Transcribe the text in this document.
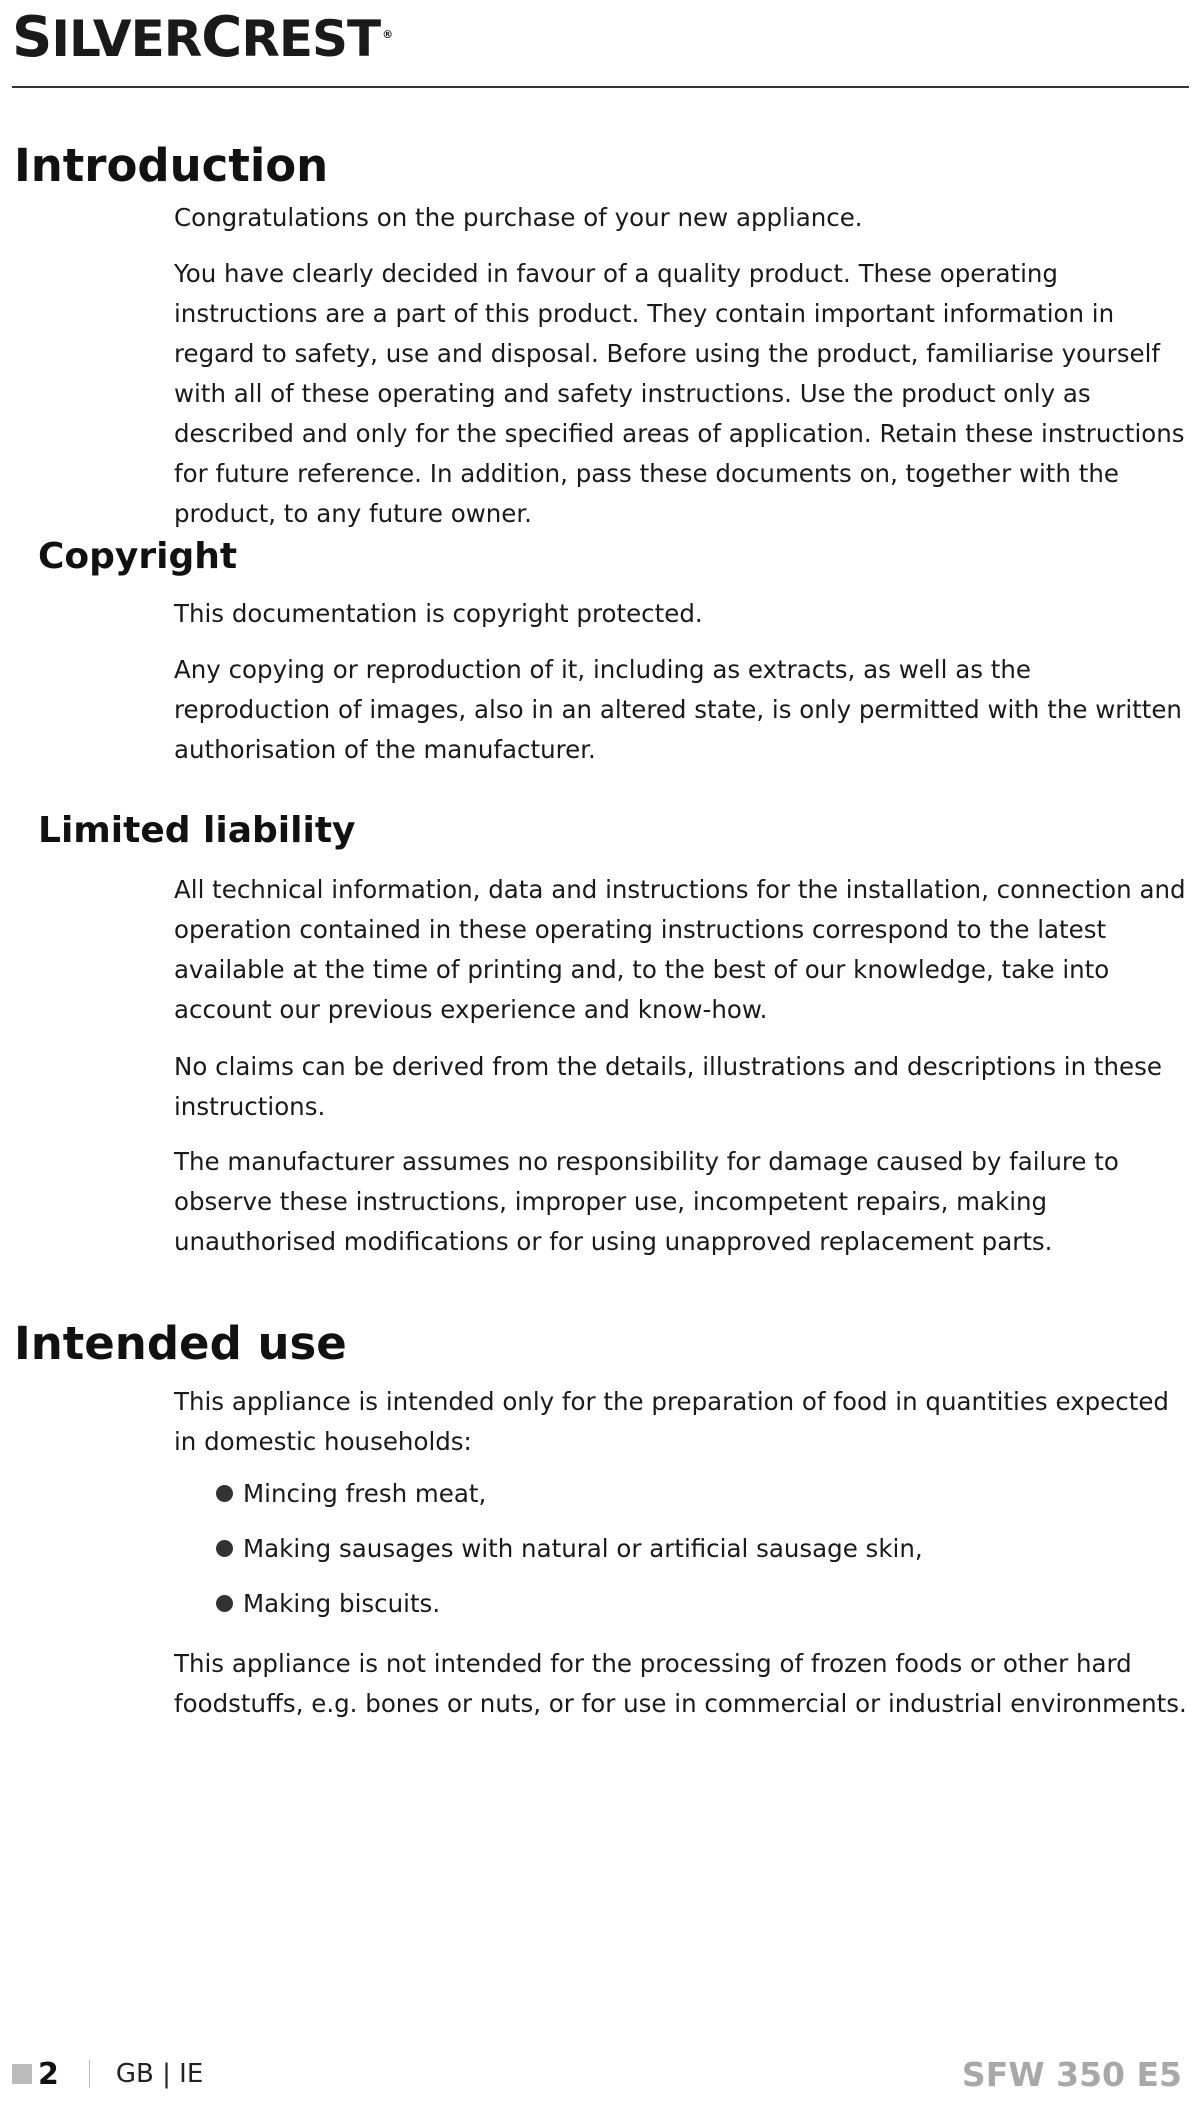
SILVERCREST ®
Introduction

Congratulations on the purchase of your new appliance.

You have clearly decided in favour of a quality product. These operating instructions are a part of this product. They contain important information in regard to safety, use and disposal. Before using the product, familiarise yourself with all of these operating and safety instructions. Use the product only as described and only for the specified areas of application. Retain these instructions for future reference. In addition, pass these documents on, together with the product, to any future owner.

Copyright

This documentation is copyright protected.

Any copying or reproduction of it, including as extracts, as well as the reproduction of images, also in an altered state, is only permitted with the written authorisation of the manufacturer.

Limited liability

All technical information, data and instructions for the installation, connection and operation contained in these operating instructions correspond to the latest available at the time of printing and, to the best of our knowledge, take into account our previous experience and know-how.

No claims can be derived from the details, illustrations and descriptions in these instructions.

The manufacturer assumes no responsibility for damage caused by failure to observe these instructions, improper use, incompetent repairs, making unauthorised modifications or for using unapproved replacement parts.

Intended use

This appliance is intended only for the preparation of food in quantities expected in domestic households:

Mincing fresh meat,
Making sausages with natural or artificial sausage skin,
Making biscuits.

This appliance is not intended for the processing of frozen foods or other hard foodstuffs, e.g. bones or nuts, or for use in commercial or industrial environments.

2 GB | IE	SFW 350 E5
